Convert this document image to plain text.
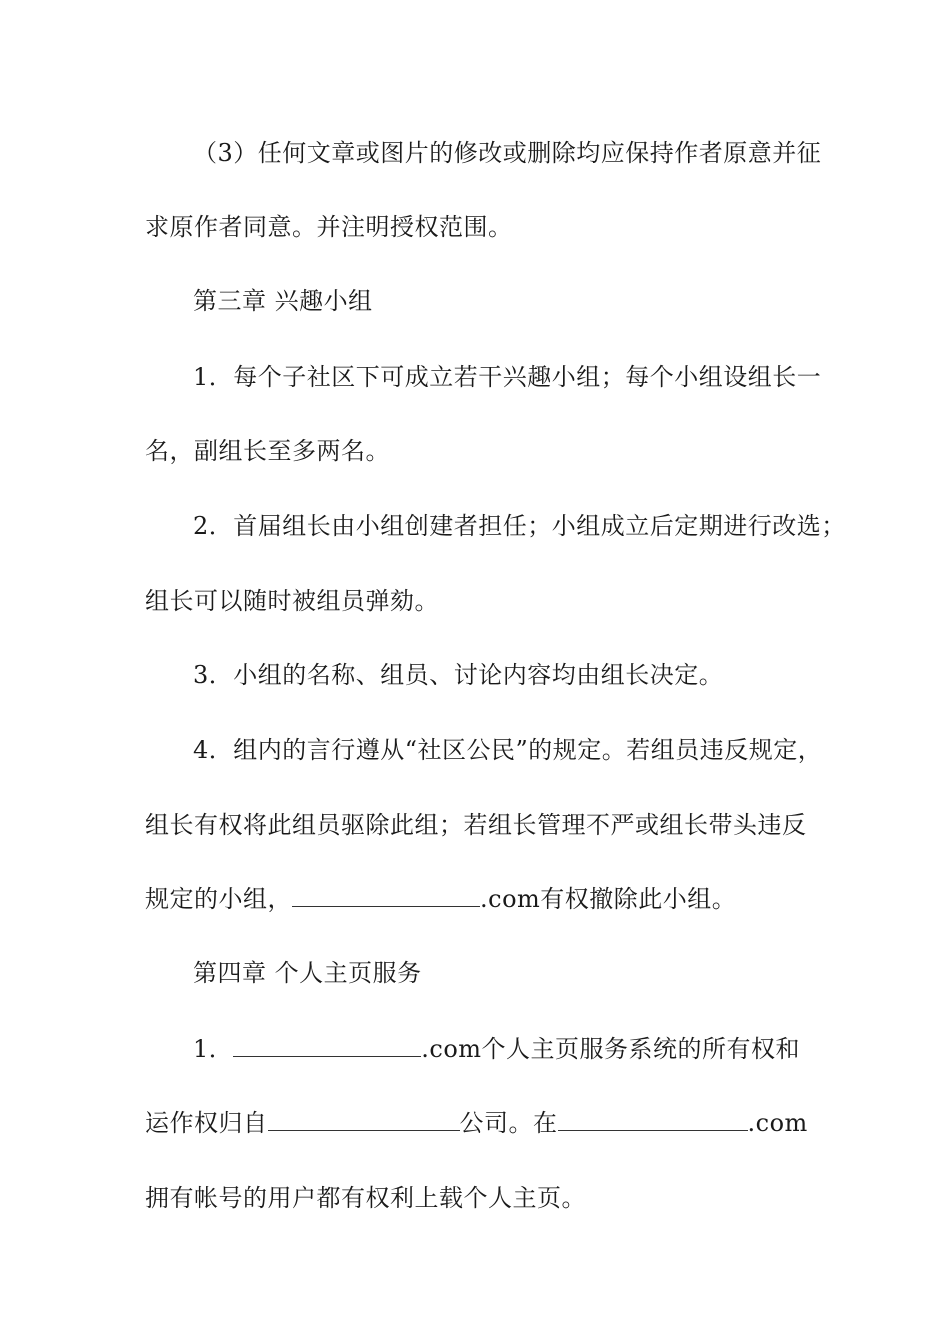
（3）任何文章或图片的修改或删除均应保持作者原意并征
求原作者同意。并注明授权范围。
第三章 兴趣小组
1．每个子社区下可成立若干兴趣小组；每个小组设组长一
名，副组长至多两名。
2．首届组长由小组创建者担任；小组成立后定期进行改选；
组长可以随时被组员弹劾。
3．小组的名称、组员、讨论内容均由组长决定。
4．组内的言行遵从“社区公民”的规定。若组员违反规定，
组长有权将此组员驱除此组；若组长管理不严或组长带头违反
规定的小组，	.com有权撤除此小组。
第四章 个人主页服务
1．	.com个人主页服务系统的所有权和
运作权归自	公司。在	.com
拥有帐号的用户都有权利上载个人主页。
